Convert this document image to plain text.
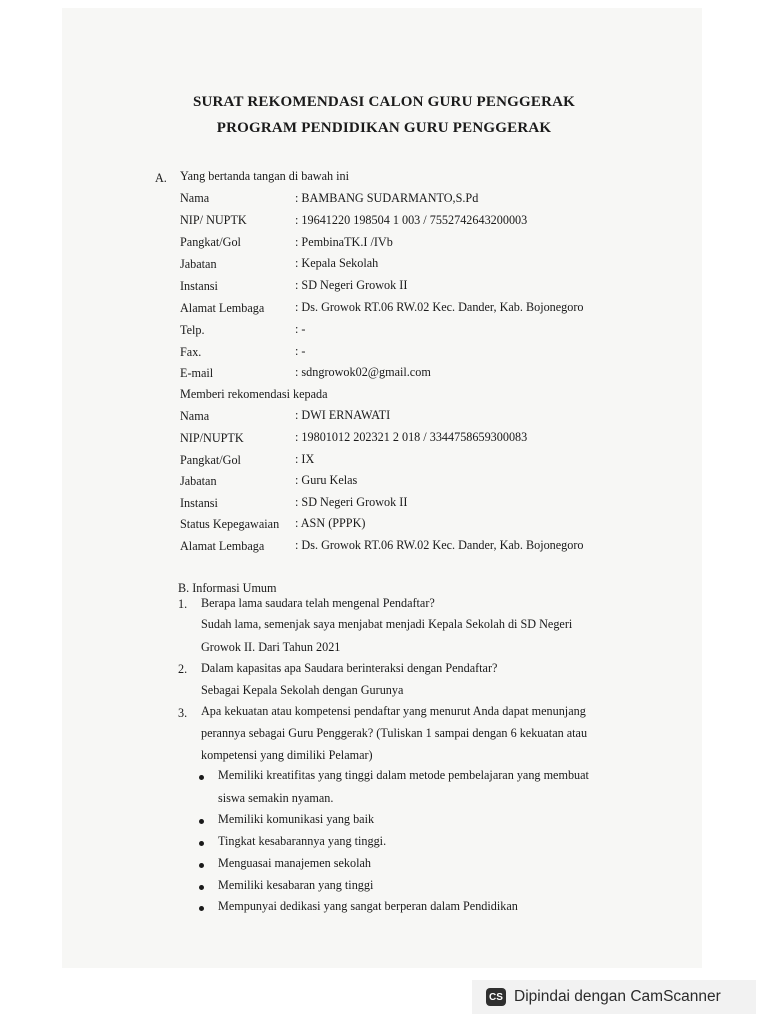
SURAT REKOMENDASI CALON GURU PENGGERAK
PROGRAM PENDIDIKAN GURU PENGGERAK
A. Yang bertanda tangan di bawah ini
Nama	: BAMBANG SUDARMANTO,S.Pd
NIP/ NUPTK	: 19641220 198504 1 003 / 7552742643200003
Pangkat/Gol	: PembinaTK.I /IVb
Jabatan	: Kepala Sekolah
Instansi	: SD Negeri Growok II
Alamat Lembaga	: Ds. Growok RT.06 RW.02 Kec. Dander, Kab. Bojonegoro
Telp.	: -
Fax.	: -
E-mail	: sdngrowok02@gmail.com
Memberi rekomendasi kepada
Nama	: DWI ERNAWATI
NIP/NUPTK	: 19801012 202321 2 018 / 3344758659300083
Pangkat/Gol	: IX
Jabatan	: Guru Kelas
Instansi	: SD Negeri Growok II
Status Kepegawaian : ASN (PPPK)
Alamat Lembaga	: Ds. Growok RT.06 RW.02 Kec. Dander, Kab. Bojonegoro
B. Informasi Umum
1. Berapa lama saudara telah mengenal Pendaftar?
Sudah lama, semenjak saya menjabat menjadi Kepala Sekolah di SD Negeri
Growok II. Dari Tahun 2021
2. Dalam kapasitas apa Saudara berinteraksi dengan Pendaftar?
Sebagai Kepala Sekolah dengan Gurunya
3. Apa kekuatan atau kompetensi pendaftar yang menurut Anda dapat menunjang
perannya sebagai Guru Penggerak? (Tuliskan 1 sampai dengan 6 kekuatan atau
kompetensi yang dimiliki Pelamar)
Memiliki kreatifitas yang tinggi dalam metode pembelajaran yang membuat
siswa semakin nyaman.
Memiliki komunikasi yang baik
Tingkat kesabarannya yang tinggi.
Menguasai manajemen sekolah
Memiliki kesabaran yang tinggi
Mempunyai dedikasi yang sangat berperan dalam Pendidikan
CS Dipindai dengan CamScanner
